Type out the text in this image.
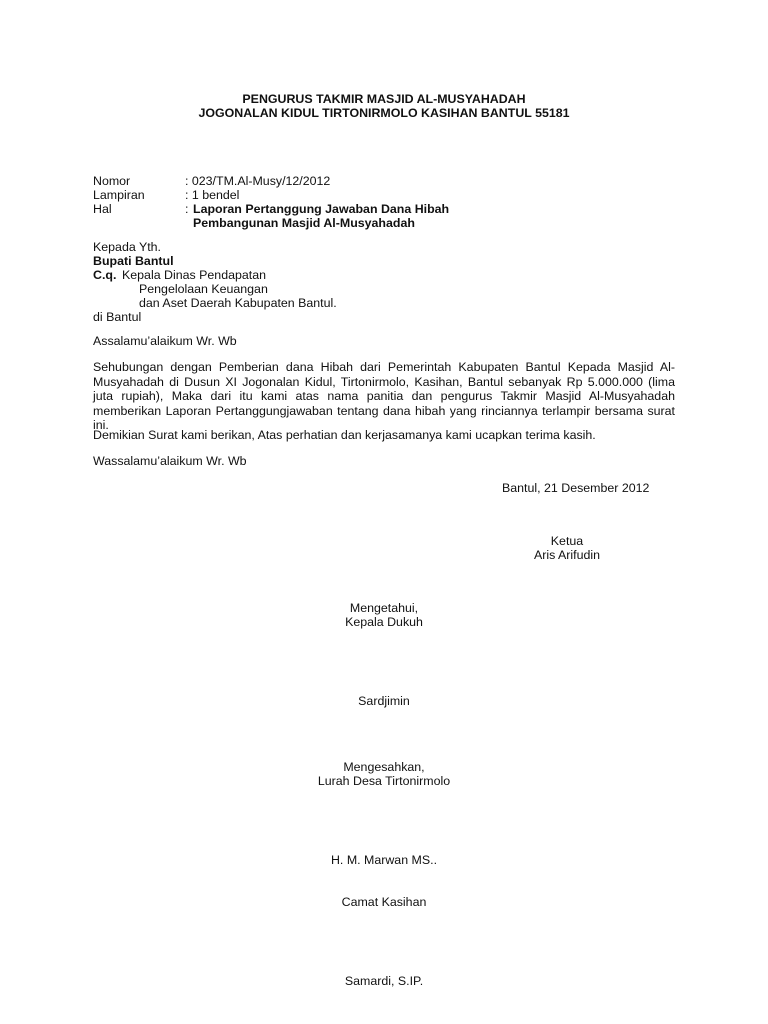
PENGURUS TAKMIR MASJID AL-MUSYAHADAH
JOGONALAN KIDUL TIRTONIRMOLO KASIHAN BANTUL 55181
Nomor	: 023/TM.Al-Musy/12/2012
Lampiran	: 1 bendel
Hal	: Laporan Pertanggung Jawaban Dana Hibah
Pembangunan Masjid Al-Musyahadah
Kepada Yth.
Bupati Bantul
C.q. Kepala Dinas Pendapatan
Pengelolaan Keuangan
dan Aset Daerah Kabupaten Bantul.
di Bantul
Assalamu’alaikum Wr. Wb
Sehubungan dengan Pemberian dana Hibah dari Pemerintah Kabupaten Bantul Kepada Masjid Al-Musyahadah di Dusun XI Jogonalan Kidul, Tirtonirmolo, Kasihan, Bantul sebanyak Rp 5.000.000 (lima juta rupiah), Maka dari itu kami atas nama panitia dan pengurus Takmir Masjid Al-Musyahadah memberikan Laporan Pertanggungjawaban tentang dana hibah yang rinciannya terlampir bersama surat ini.
Demikian Surat kami berikan, Atas perhatian dan kerjasamanya kami ucapkan terima kasih.
Wassalamu’alaikum Wr. Wb
Bantul, 21 Desember 2012
Ketua
Aris Arifudin
Mengetahui,
Kepala Dukuh
Sardjimin
Mengesahkan,
Lurah Desa Tirtonirmolo
H. M. Marwan MS..
Camat Kasihan
Samardi, S.IP.
